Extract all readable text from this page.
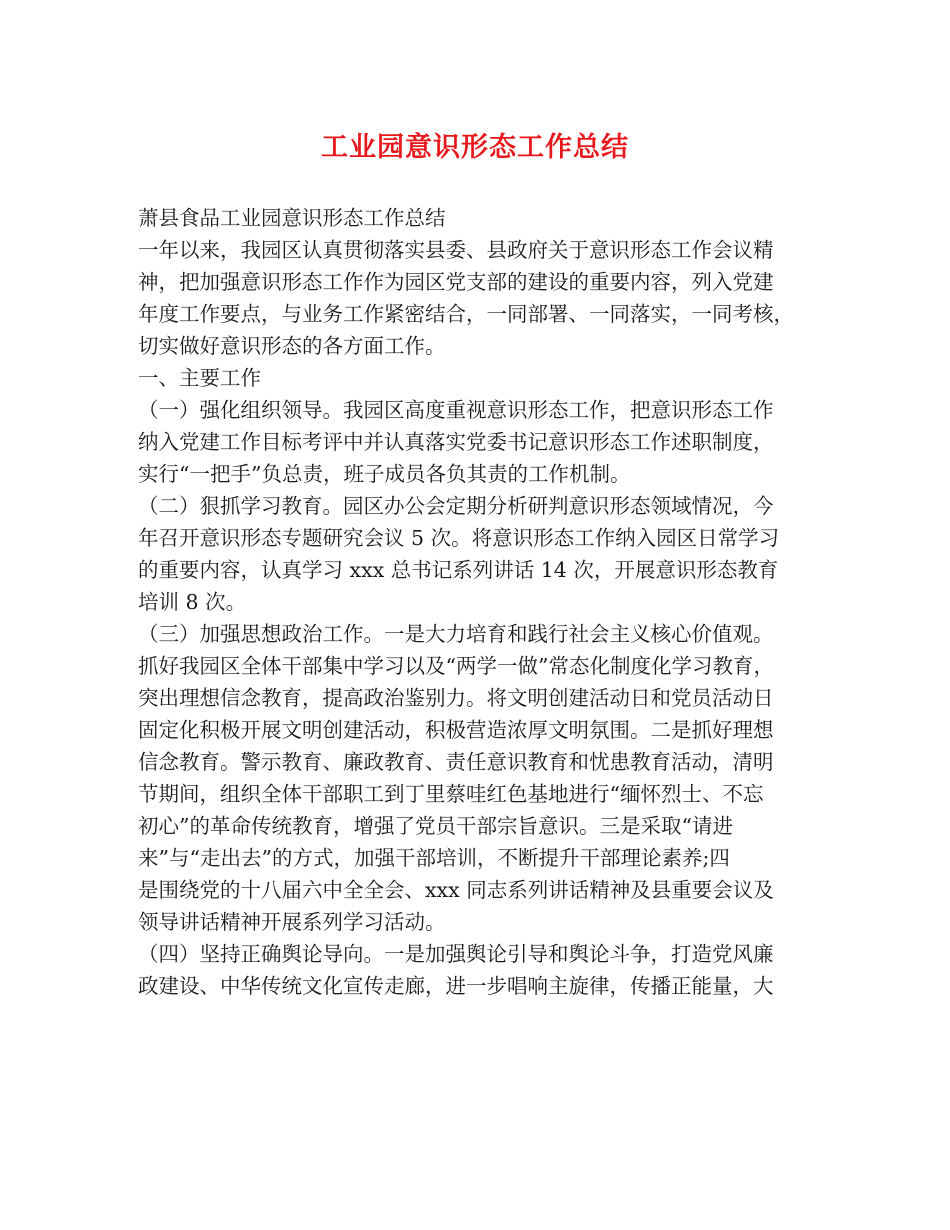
工业园意识形态工作总结
萧县食品工业园意识形态工作总结
一年以来，我园区认真贯彻落实县委、县政府关于意识形态工作会议精
神，把加强意识形态工作作为园区党支部的建设的重要内容，列入党建
年度工作要点，与业务工作紧密结合，一同部署、一同落实，一同考核，
切实做好意识形态的各方面工作。
一、主要工作
（一）强化组织领导。我园区高度重视意识形态工作，把意识形态工作
纳入党建工作目标考评中并认真落实党委书记意识形态工作述职制度，
实行“一把手”负总责，班子成员各负其责的工作机制。
（二）狠抓学习教育。园区办公会定期分析研判意识形态领域情况，今
年召开意识形态专题研究会议 5 次。将意识形态工作纳入园区日常学习
的重要内容，认真学习 xxx 总书记系列讲话 14 次，开展意识形态教育
培训 8 次。
（三）加强思想政治工作。一是大力培育和践行社会主义核心价值观。
抓好我园区全体干部集中学习以及“两学一做”常态化制度化学习教育，
突出理想信念教育，提高政治鉴别力。将文明创建活动日和党员活动日
固定化积极开展文明创建活动，积极营造浓厚文明氛围。二是抓好理想
信念教育。警示教育、廉政教育、责任意识教育和忧患教育活动，清明
节期间，组织全体干部职工到丁里蔡哇红色基地进行“缅怀烈士、不忘
初心”的革命传统教育，增强了党员干部宗旨意识。三是采取“请进
来”与“走出去”的方式，加强干部培训，不断提升干部理论素养;四
是围绕党的十八届六中全全会、xxx 同志系列讲话精神及县重要会议及
领导讲话精神开展系列学习活动。
（四）坚持正确舆论导向。一是加强舆论引导和舆论斗争，打造党风廉
政建设、中华传统文化宣传走廊，进一步唱响主旋律，传播正能量，大
